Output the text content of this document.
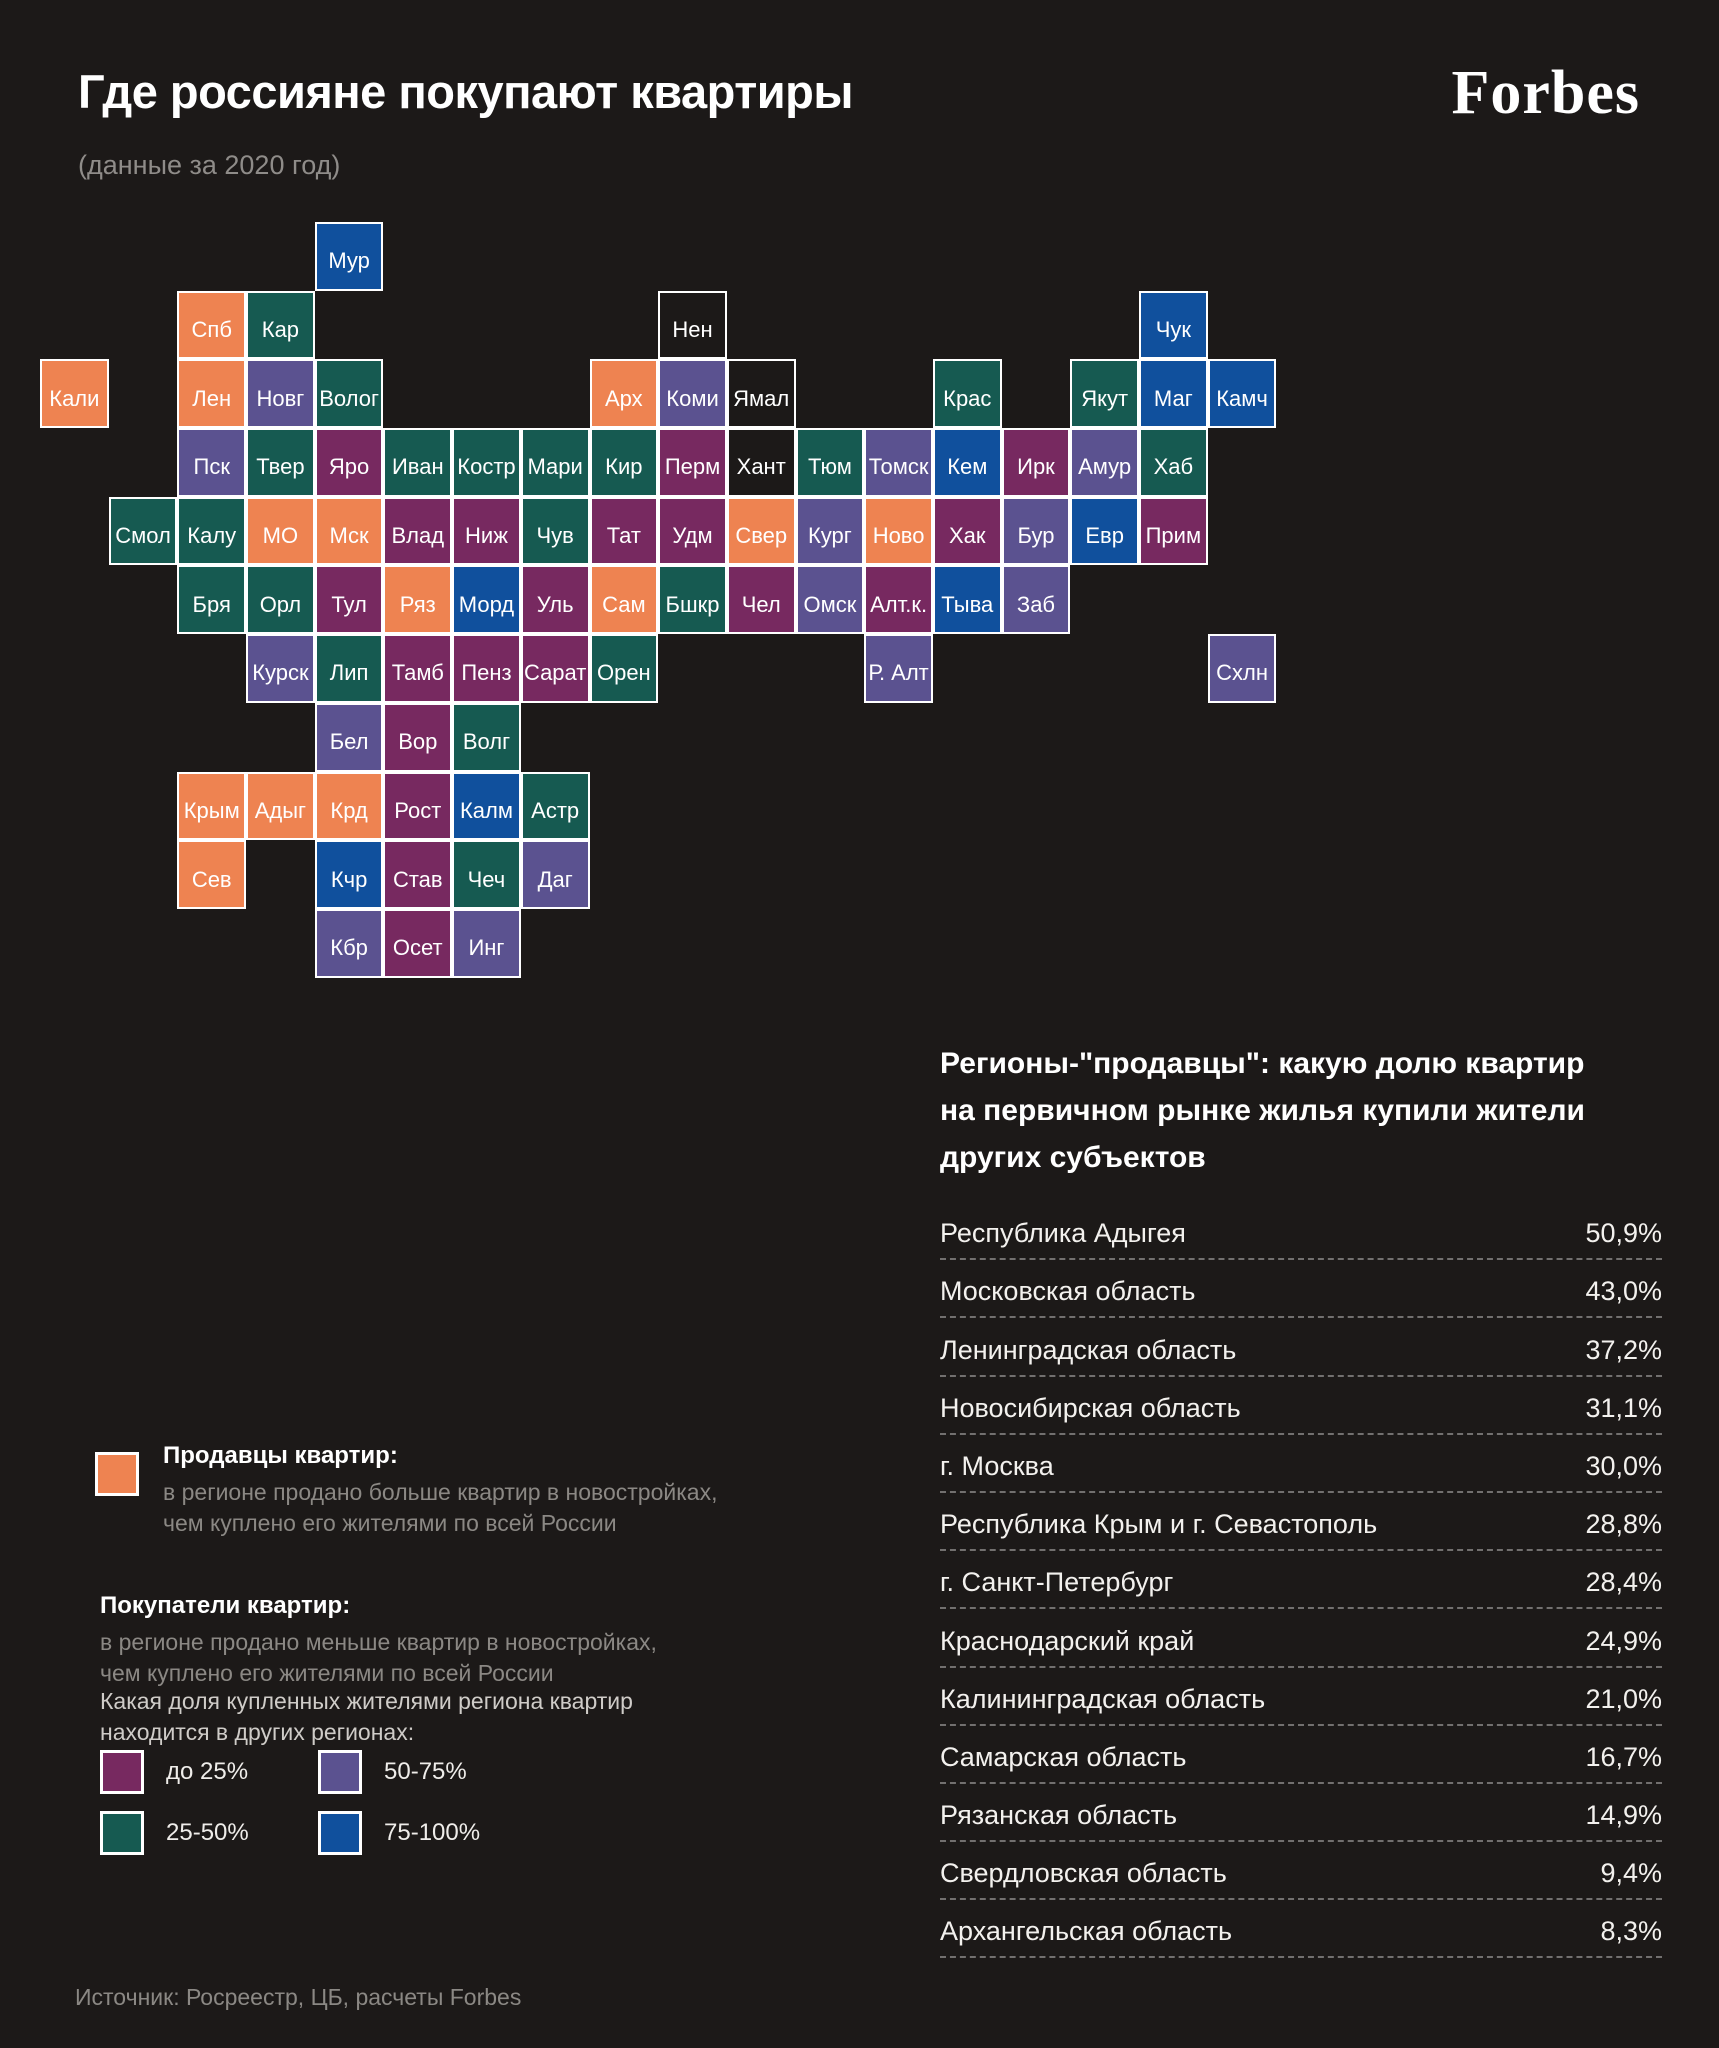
Где россияне покупают квартиры
(данные за 2020 год)
Forbes
Мур
Спб Кар	Нен	Чук
Кали	Лен Новг Волог	Арх Коми Ямал	Крас	Якут Маг Камч
Пск Твер Яро Иван Костр Мари Кир Перм Хант Тюм Томск Кем Ирк Амур Хаб
Смол Калу МО Мск Влад Ниж Чув Тат Удм Свер Кург Ново Хак Бур Евр Прим
Бря Орл Тул Ряз Морд Уль Сам Бшкр Чел Омск Алт.к. Тыва Заб
Курск Лип Тамб Пенз Сарат Орен	Р. Алт	Схлн
Бел Вор Волг
Крым Адыг Крд Рост Калм Астр
Сев	Кчр Став Чеч Даг
Кбр Осет Инг
Продавцы квартир:
в регионе продано больше квартир в новостройках,
чем куплено его жителями по всей России
Покупатели квартир:
в регионе продано меньше квартир в новостройках,
чем куплено его жителями по всей России
Какая доля купленных жителями региона квартир
находится в других регионах:
до 25%
25-50%
50-75%
75-100%
Регионы-"продавцы": какую долю квартир
на первичном рынке жилья купили жители
других субъектов
Республика Адыгея	50,9%
Московская область	43,0%
Ленинградская область	37,2%
Новосибирская область	31,1%
г. Москва	30,0%
Республика Крым и г. Севастополь	28,8%
г. Санкт-Петербург	28,4%
Краснодарский край	24,9%
Калининградская область	21,0%
Самарская область	16,7%
Рязанская область	14,9%
Свердловская область	9,4%
Архангельская область	8,3%
Источник: Росреестр, ЦБ, расчеты Forbes
